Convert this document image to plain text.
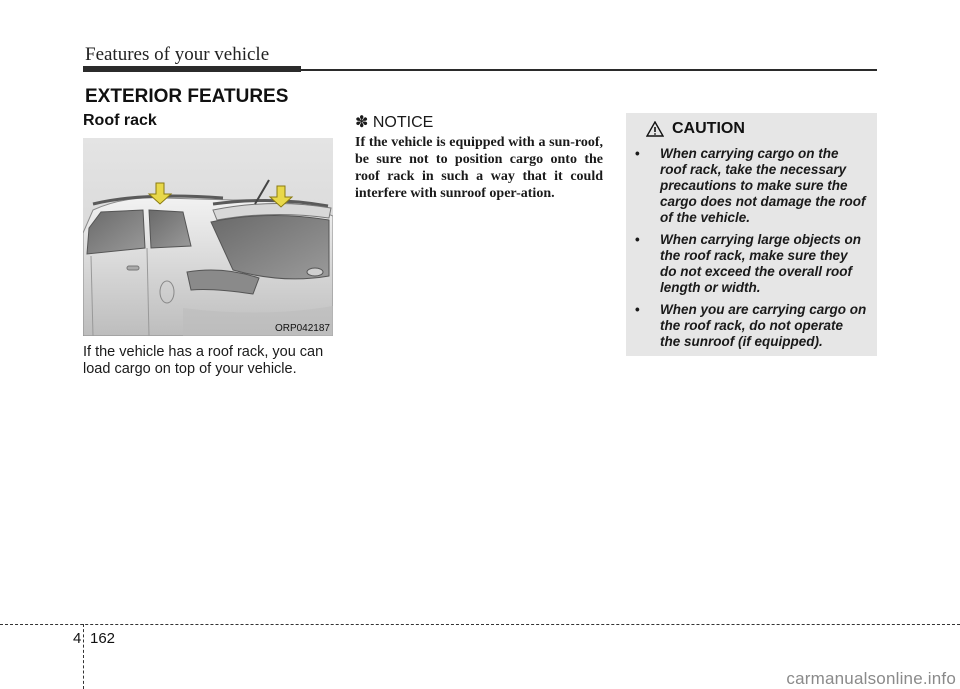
Features of your vehicle
EXTERIOR FEATURES
Roof rack
ORP042187
If the vehicle has a roof rack, you can load cargo on top of your vehicle.
✽ NOTICE
If the vehicle is equipped with a sun-roof, be sure not to position cargo onto the roof rack in such a way that it could interfere with sunroof oper-ation.
CAUTION
• When carrying cargo on the roof rack, take the necessary precautions to make sure the cargo does not damage the roof of the vehicle.
• When carrying large objects on the roof rack, make sure they do not exceed the overall roof length or width.
• When you are carrying cargo on the roof rack, do not operate the sunroof (if equipped).
4 162
carmanualsonline.info
